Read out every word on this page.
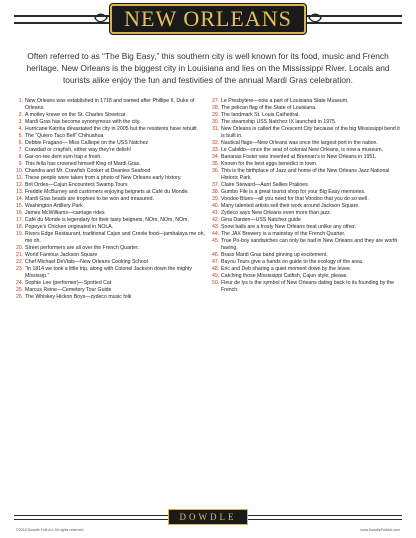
NEW ORLEANS

Often referred to as “The Big Easy,” this southern city is well known for its food, music and French heritage. New Orleans is the biggest city in Louisiana and lies on the Mississippi River. Locals and tourists alike enjoy the fun and festivities of the annual Mardi Gras celebration.

1. New Orleans was established in 1718 and named after Phillipe II, Duke of Orleans.
2. A motley krewe on the St. Charles Streetcar.
3. Mardi Gras has become synonymous with the city.
4. Hurricane Katrina devastated the city in 2005 but the residents have rebuilt.
5. The “Quiero Taco Bell” Chihuahua
6. Debbie Fragano— Miss Calliope on the USS Natchez
7. Crawdad or crayfish, either way they’re delish!
8. Gar-on-tee dem sum hap e fresh.
9. This fella has crowned himself King of Mardi Gras.
10. Chandra and Mr. Crawfish Cooker at Deanies Seafood
11. These people were taken from a photo of New Orleans early history.
12. Brit Ordes—Cajun Encounters Swamp Tours
13. Freddie McBurney and customers enjoying beignets at Café du Monde.
14. Mardi Gras beads are trophies to be won and treasured.
15. Washington Artillery Park
16. James McWilliams—carriage rides
17. Café du Monde is legendary for their tasty beignets, NOm, NOm, NOm.
18. Popeye’s Chicken originated in NOLA.
19. Rivers Edge Restaurant, traditional Cajun and Creole food—jambalaya me oh, me oh.
20. Street performers are all over the French Quarter.
21. World Famous Jackson Square
22. Chef Michael DeVlats—New Orleans Cooking School
23. “In 1814 we took a little trip, along with Colonel Jackson down the mighty Mississip.”
24. Sophie Lee (performer)—Spotted Cat
25. Marcus Reine—Cemetery Tour Guide
26. The Whiskey Hickon Boys—zydeco music folk
27. Le Presbytere—now a part of Louisiana State Museum.
28. The pelican flag of the State of Louisiana.
29. The landmark St. Louis Cathedral.
30. The steamship USS Natchez IX launched in 1975.
31. New Orleans is called the Crescent City because of the big Mississippi bend it is built in.
32. Nautical flags—New Orleans was once the largest port in the nation.
33. Le Cabildo—once the seat of colonial New Orleans, is now a museum.
34. Bananas Foster was invented at Brennan’s in New Orleans in 1951.
35. Known for the best eggs benedict in town.
36. This is the birthplace of Jazz and home of the New Orleans Jazz National Historic Park.
37. Claire Steward—Aunt Sallies Pralines
38. Gumbo File is a great tourist shop for your Big Easy memories.
39. Voodoo Blues—all you need for that Voodoo that you do so well.
40. Many talented artists sell their work around Jackson Square.
41. Zydeco says New Orleans even more than jazz.
42. Gina Darden—USS Natchez guide
43. Snow balls are a frosty New Orleans treat unlike any other.
44. The JAX Brewery is a mainstay of the French Quarter.
45. True Po-boy sandwiches can only be had in New Orleans and they are worth having.
46. Brass Mardi Gras band ginning up excitement.
47. Bayou Tours give a hands on guide to the ecology of the area.
48. Eric and Deb sharing a quiet moment down by the levee.
49. Catching those Mississippi Catfish, Cajun style, please.
50. Fleur de lys is the symbol of New Orleans dating back to its founding by the French.
DOWDLE
©2018 Dowdle Folk Art. All rights reserved.	www.DowdleFolkArt.com
